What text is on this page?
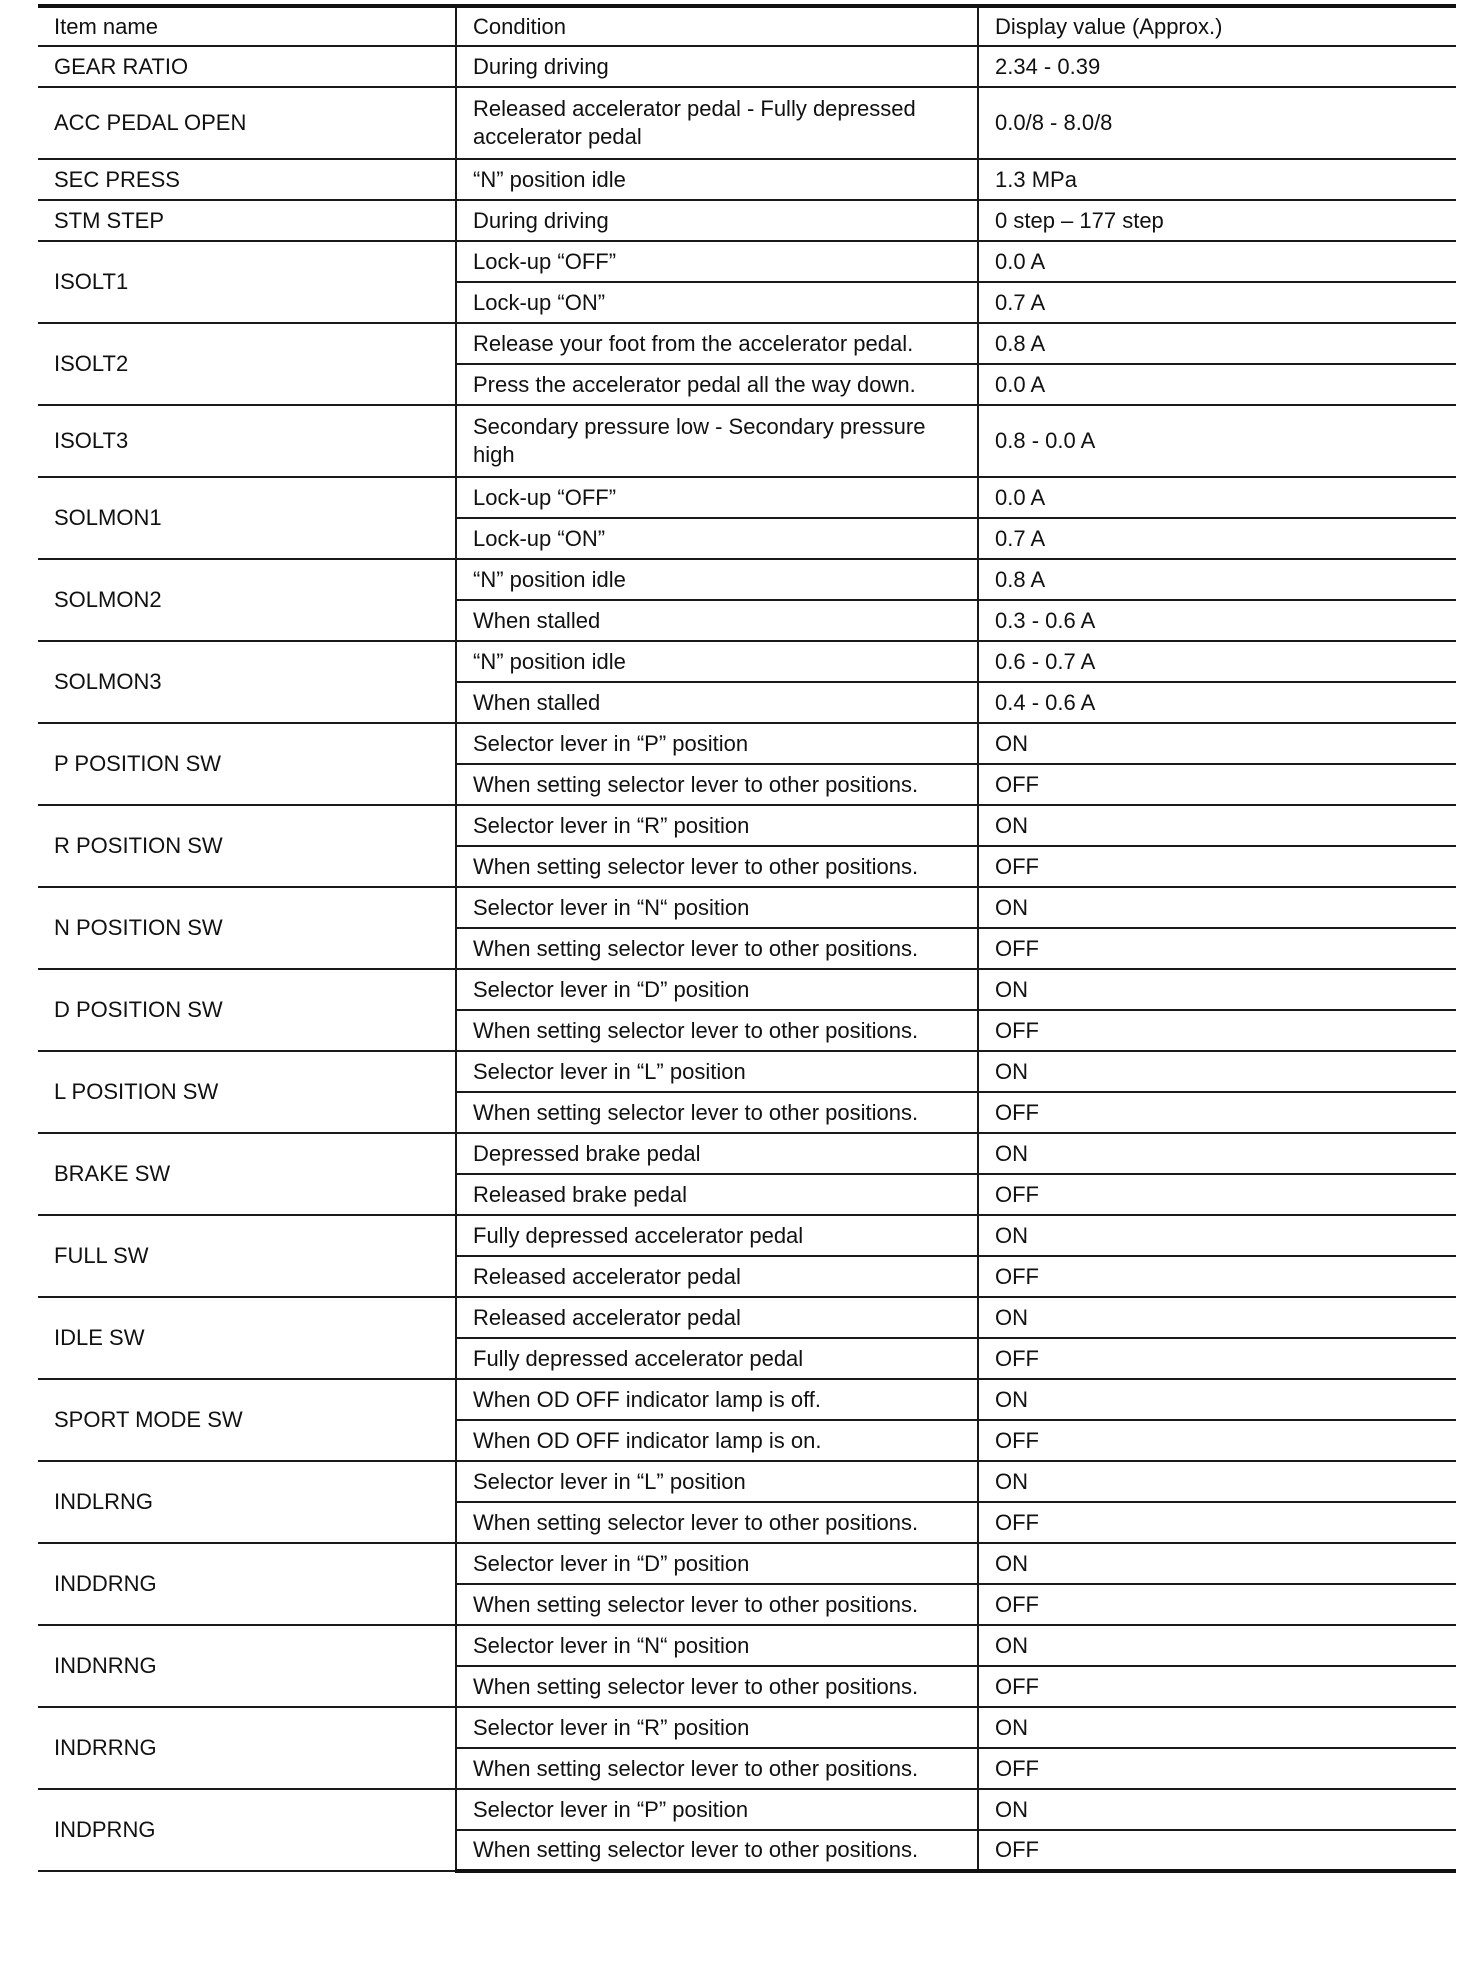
Item name	Condition	Display value (Approx.)
GEAR RATIO	During driving	2.34 - 0.39
ACC PEDAL OPEN	Released accelerator pedal - Fully depressed accelerator pedal	0.0/8 - 8.0/8
SEC PRESS	“N” position idle	1.3 MPa
STM STEP	During driving	0 step – 177 step
ISOLT1	Lock-up “OFF”	0.0 A
	Lock-up “ON”	0.7 A
ISOLT2	Release your foot from the accelerator pedal.	0.8 A
	Press the accelerator pedal all the way down.	0.0 A
ISOLT3	Secondary pressure low - Secondary pressure high	0.8 - 0.0 A
SOLMON1	Lock-up “OFF”	0.0 A
	Lock-up “ON”	0.7 A
SOLMON2	“N” position idle	0.8 A
	When stalled	0.3 - 0.6 A
SOLMON3	“N” position idle	0.6 - 0.7 A
	When stalled	0.4 - 0.6 A
P POSITION SW	Selector lever in “P” position	ON
	When setting selector lever to other positions.	OFF
R POSITION SW	Selector lever in “R” position	ON
	When setting selector lever to other positions.	OFF
N POSITION SW	Selector lever in “N“ position	ON
	When setting selector lever to other positions.	OFF
D POSITION SW	Selector lever in “D” position	ON
	When setting selector lever to other positions.	OFF
L POSITION SW	Selector lever in “L” position	ON
	When setting selector lever to other positions.	OFF
BRAKE SW	Depressed brake pedal	ON
	Released brake pedal	OFF
FULL SW	Fully depressed accelerator pedal	ON
	Released accelerator pedal	OFF
IDLE SW	Released accelerator pedal	ON
	Fully depressed accelerator pedal	OFF
SPORT MODE SW	When OD OFF indicator lamp is off.	ON
	When OD OFF indicator lamp is on.	OFF
INDLRNG	Selector lever in “L” position	ON
	When setting selector lever to other positions.	OFF
INDDRNG	Selector lever in “D” position	ON
	When setting selector lever to other positions.	OFF
INDNRNG	Selector lever in “N“ position	ON
	When setting selector lever to other positions.	OFF
INDRRNG	Selector lever in “R” position	ON
	When setting selector lever to other positions.	OFF
INDPRNG	Selector lever in “P” position	ON
	When setting selector lever to other positions.	OFF
